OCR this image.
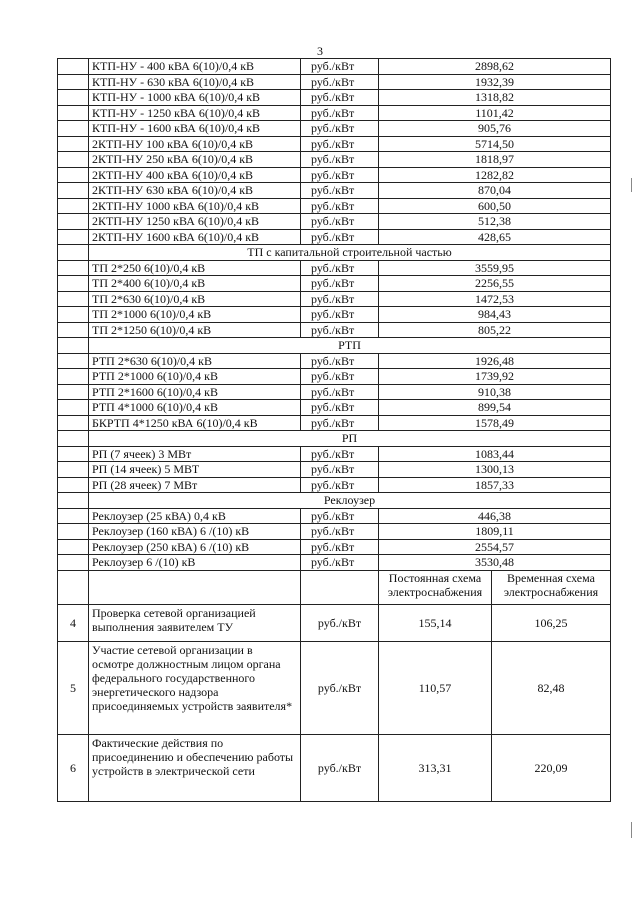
3
	КТП-НУ - 400 кВА 6(10)/0,4 кВ	руб./кВт	2898,62	
	КТП-НУ - 630 кВА 6(10)/0,4 кВ	руб./кВт	1932,39	
	КТП-НУ - 1000 кВА 6(10)/0,4 кВ	руб./кВт	1318,82	
	КТП-НУ - 1250 кВА 6(10)/0,4 кВ	руб./кВт	1101,42	
	КТП-НУ - 1600 кВА 6(10)/0,4 кВ	руб./кВт	905,76	
	2КТП-НУ 100 кВА 6(10)/0,4 кВ	руб./кВт	5714,50	
	2КТП-НУ 250 кВА 6(10)/0,4 кВ	руб./кВт	1818,97	
	2КТП-НУ 400 кВА 6(10)/0,4 кВ	руб./кВт	1282,82	
	2КТП-НУ 630 кВА 6(10)/0,4 кВ	руб./кВт	870,04	
	2КТП-НУ 1000 кВА 6(10)/0,4 кВ	руб./кВт	600,50	
	2КТП-НУ 1250 кВА 6(10)/0,4 кВ	руб./кВт	512,38	
	2КТП-НУ 1600 кВА 6(10)/0,4 кВ	руб./кВт	428,65	
	ТП с капитальной строительной частью			
	ТП 2*250 6(10)/0,4 кВ	руб./кВт	3559,95	
	ТП 2*400 6(10)/0,4 кВ	руб./кВт	2256,55	
	ТП 2*630 6(10)/0,4 кВ	руб./кВт	1472,53	
	ТП 2*1000 6(10)/0,4 кВ	руб./кВт	984,43	
	ТП 2*1250 6(10)/0,4 кВ	руб./кВт	805,22	
	РТП			
	РТП 2*630 6(10)/0,4 кВ	руб./кВт	1926,48	
	РТП 2*1000 6(10)/0,4 кВ	руб./кВт	1739,92	
	РТП 2*1600 6(10)/0,4 кВ	руб./кВт	910,38	
	РТП 4*1000 6(10)/0,4 кВ	руб./кВт	899,54	
	БКРТП 4*1250 кВА 6(10)/0,4 кВ	руб./кВт	1578,49	
	РП			
	РП (7 ячеек) 3 МВт	руб./кВт	1083,44	
	РП (14 ячеек) 5 МВТ	руб./кВт	1300,13	
	РП (28 ячеек) 7 МВт	руб./кВт	1857,33	
	Реклоузер			
	Реклоузер (25 кВА) 0,4 кВ	руб./кВт	446,38	
	Реклоузер (160 кВА) 6 /(10) кВ	руб./кВт	1809,11	
	Реклоузер (250 кВА) 6 /(10) кВ	руб./кВт	2554,57	
	Реклоузер 6 /(10) кВ	руб./кВт	3530,48	
			Постоянная схема электроснабжения	Временная схема электроснабжения
4	Проверка сетевой организацией выполнения заявителем ТУ	руб./кВт	155,14	106,25
5	Участие сетевой организации в осмотре должностным лицом органа федерального государственного энергетического надзора присоединяемых устройств заявителя*	руб./кВт	110,57	82,48
6	Фактические действия по присоединению и обеспечению работы устройств в электрической сети	руб./кВт	313,31	220,09
